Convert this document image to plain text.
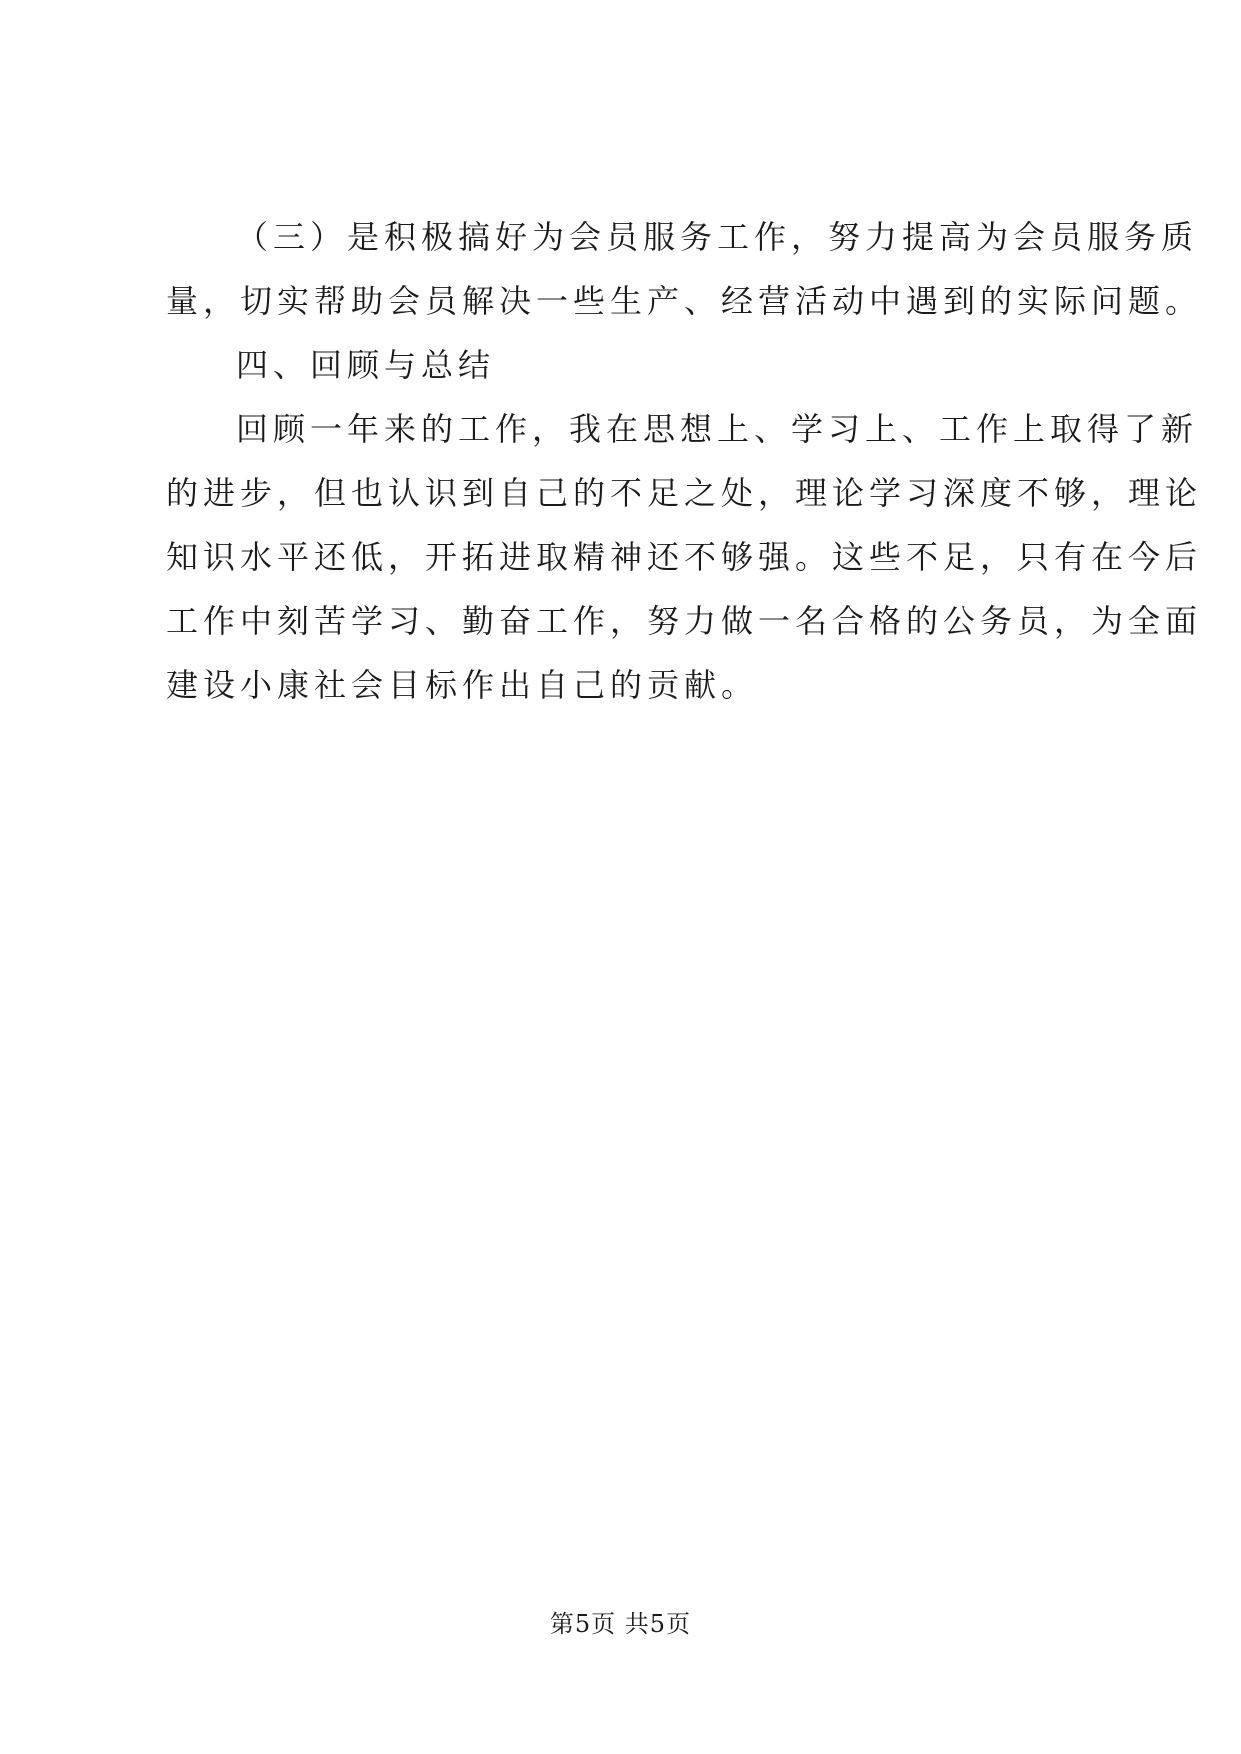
（三）是积极搞好为会员服务工作，努力提高为会员服务质
量，切实帮助会员解决一些生产、经营活动中遇到的实际问题。
四、回顾与总结
回顾一年来的工作，我在思想上、学习上、工作上取得了新
的进步，但也认识到自己的不足之处，理论学习深度不够，理论
知识水平还低，开拓进取精神还不够强。这些不足，只有在今后
工作中刻苦学习、勤奋工作，努力做一名合格的公务员，为全面
建设小康社会目标作出自己的贡献。
第5页 共5页
